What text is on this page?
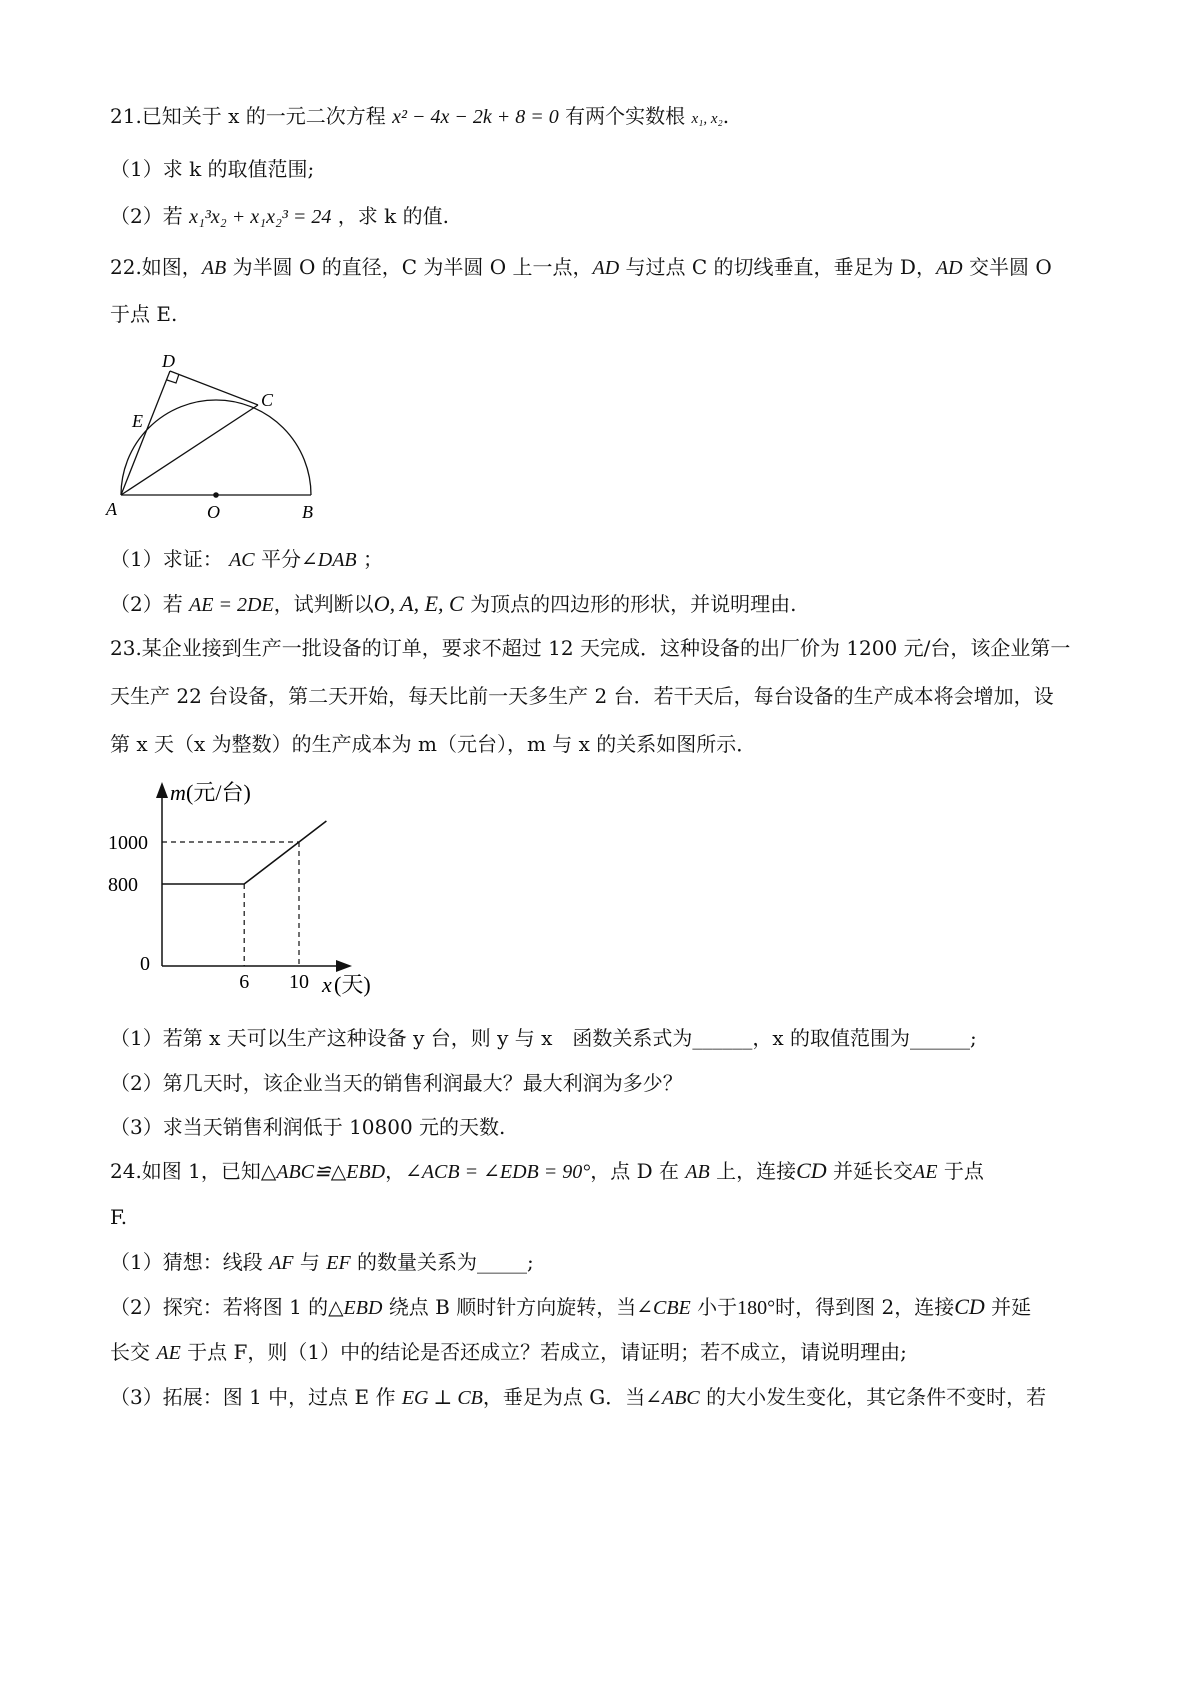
21.已知关于 x 的一元二次方程 x² − 4x − 2k + 8 = 0 有两个实数根 x₁, x₂.
（1）求 k 的取值范围;
（2）若 x₁³x₂ + x₁x₂³ = 24 ，求 k 的值.
22.如图，AB 为半圆 O 的直径，C 为半圆 O 上一点，AD 与过点 C 的切线垂直，垂足为 D，AD 交半圆 O
于点 E.
D
E
C
A	O	B
（1）求证： AC 平分∠DAB ；
（2）若 AE = 2DE，试判断以O, A, E, C 为顶点的四边形的形状，并说明理由.
23.某企业接到生产一批设备的订单，要求不超过 12 天完成．这种设备的出厂价为 1200 元/台，该企业第一
天生产 22 台设备，第二天开始，每天比前一天多生产 2 台．若干天后，每台设备的生产成本将会增加，设
第 x 天（x 为整数）的生产成本为 m（元台），m 与 x 的关系如图所示．
m (元/台)
0
800
1000
6 10 x (天)
（1）若第 x 天可以生产这种设备 y 台，则 y 与 x　函数关系式为______，x 的取值范围为______;
（2）第几天时，该企业当天的销售利润最大？最大利润为多少？
（3）求当天销售利润低于 10800 元的天数.
24.如图 1，已知△ABC≌△EBD，∠ACB = ∠EDB = 90°，点 D 在 AB 上，连接CD 并延长交AE 于点
F.
（1）猜想：线段 AF 与 EF 的数量关系为_____;
（2）探究：若将图 1 的△EBD 绕点 B 顺时针方向旋转，当∠CBE 小于180°时，得到图 2，连接CD 并延
长交 AE 于点 F，则（1）中的结论是否还成立？若成立，请证明；若不成立，请说明理由;
（3）拓展：图 1 中，过点 E 作 EG ⊥ CB，垂足为点 G．当∠ABC 的大小发生变化，其它条件不变时，若
